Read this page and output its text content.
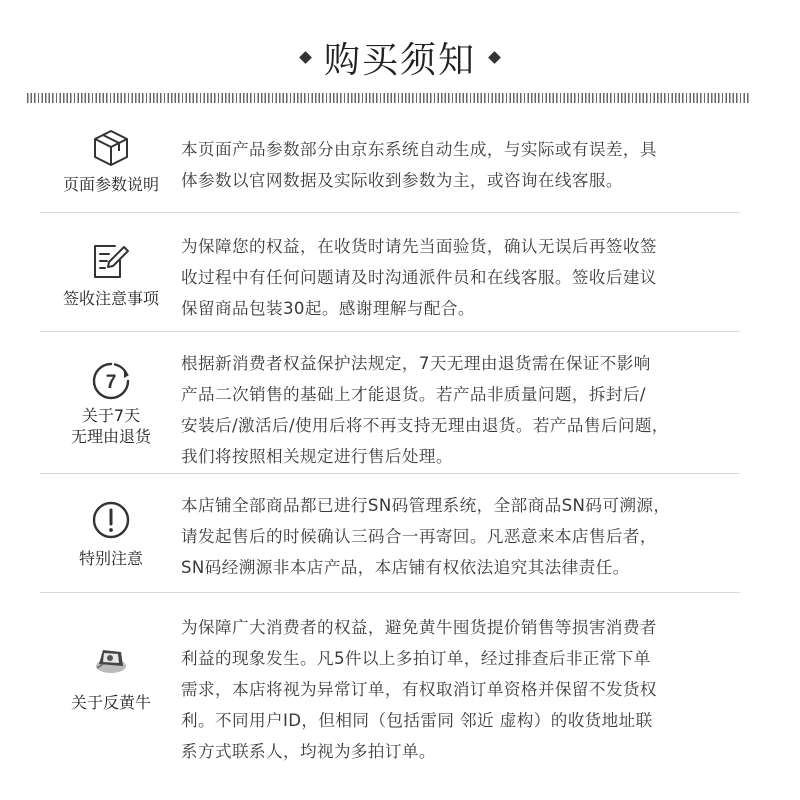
购买须知
页面参数说明
本页面产品参数部分由京东系统自动生成，与实际或有误差，具
体参数以官网数据及实际收到参数为主，或咨询在线客服。
签收注意事项
为保障您的权益，在收货时请先当面验货，确认无误后再签收签
收过程中有任何问题请及时沟通派件员和在线客服。签收后建议
保留商品包装30起。感谢理解与配合。
7
关于7天
无理由退货
根据新消费者权益保护法规定，7天无理由退货需在保证不影响
产品二次销售的基础上才能退货。若产品非质量问题，拆封后/
安装后/激活后/使用后将不再支持无理由退货。若产品售后问题，
我们将按照相关规定进行售后处理。
特别注意
本店铺全部商品都已进行SN码管理系统，全部商品SN码可溯源，
请发起售后的时候确认三码合一再寄回。凡恶意来本店售后者，
SN码经溯源非本店产品，本店铺有权依法追究其法律责任。
关于反黄牛
为保障广大消费者的权益，避免黄牛囤货提价销售等损害消费者
利益的现象发生。凡5件以上多拍订单，经过排查后非正常下单
需求，本店将视为异常订单，有权取消订单资格并保留不发货权
利。不同用户ID，但相同（包括雷同 邻近 虚构）的收货地址联
系方式联系人，均视为多拍订单。
